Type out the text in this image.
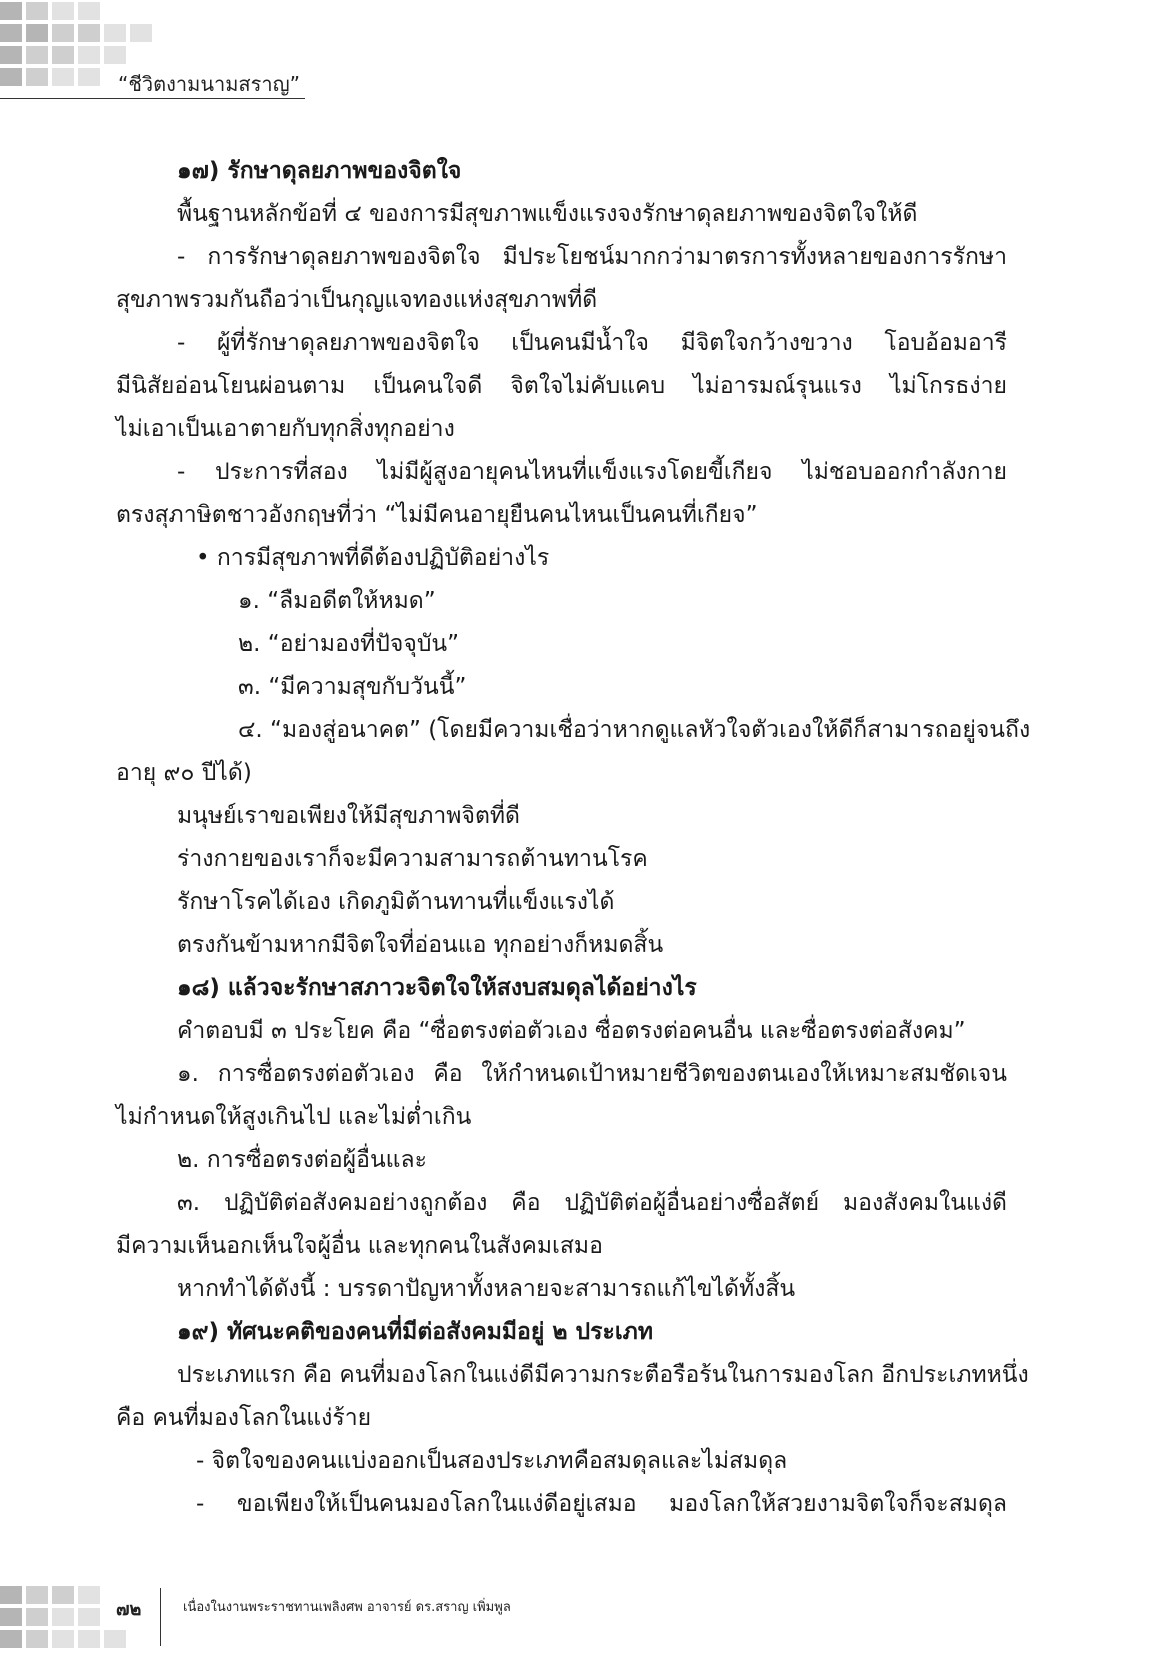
“ชีวิตงามนามสราญ”

๑๗) รักษาดุลยภาพของจิตใจ

พื้นฐานหลักข้อที่ ๔ ของการมีสุขภาพแข็งแรงจงรักษาดุลยภาพของจิตใจให้ดี

- การรักษาดุลยภาพของจิตใจ มีประโยชน์มากกว่ามาตรการทั้งหลายของการรักษา

สุขภาพรวมกันถือว่าเป็นกุญแจทองแห่งสุขภาพที่ดี

- ผู้ที่รักษาดุลยภาพของจิตใจ เป็นคนมีน้ำใจ มีจิตใจกว้างขวาง โอบอ้อมอารี

มีนิสัยอ่อนโยนผ่อนตาม เป็นคนใจดี จิตใจไม่คับแคบ ไม่อารมณ์รุนแรง ไม่โกรธง่าย

ไม่เอาเป็นเอาตายกับทุกสิ่งทุกอย่าง

- ประการที่สอง ไม่มีผู้สูงอายุคนไหนที่แข็งแรงโดยขี้เกียจ ไม่ชอบออกกำลังกาย

ตรงสุภาษิตชาวอังกฤษที่ว่า “ไม่มีคนอายุยืนคนไหนเป็นคนที่เกียจ”

• การมีสุขภาพที่ดีต้องปฏิบัติอย่างไร

๑. “ลืมอดีตให้หมด”

๒. “อย่ามองที่ปัจจุบัน”

๓. “มีความสุขกับวันนี้”

๔. “มองสู่อนาคต” (โดยมีความเชื่อว่าหากดูแลหัวใจตัวเองให้ดีก็สามารถอยู่จนถึง

อายุ ๙๐ ปีได้)

มนุษย์เราขอเพียงให้มีสุขภาพจิตที่ดี

ร่างกายของเราก็จะมีความสามารถต้านทานโรค

รักษาโรคได้เอง เกิดภูมิต้านทานที่แข็งแรงได้

ตรงกันข้ามหากมีจิตใจที่อ่อนแอ ทุกอย่างก็หมดสิ้น

๑๘) แล้วจะรักษาสภาวะจิตใจให้สงบสมดุลได้อย่างไร

คำตอบมี ๓ ประโยค คือ “ซื่อตรงต่อตัวเอง ซื่อตรงต่อคนอื่น และซื่อตรงต่อสังคม”

๑. การซื่อตรงต่อตัวเอง คือ ให้กำหนดเป้าหมายชีวิตของตนเองให้เหมาะสมชัดเจน

ไม่กำหนดให้สูงเกินไป และไม่ต่ำเกิน

๒. การซื่อตรงต่อผู้อื่นและ

๓. ปฏิบัติต่อสังคมอย่างถูกต้อง คือ ปฏิบัติต่อผู้อื่นอย่างซื่อสัตย์ มองสังคมในแง่ดี

มีความเห็นอกเห็นใจผู้อื่น และทุกคนในสังคมเสมอ

หากทำได้ดังนี้ : บรรดาปัญหาทั้งหลายจะสามารถแก้ไขได้ทั้งสิ้น

๑๙) ทัศนะคติของคนที่มีต่อสังคมมีอยู่ ๒ ประเภท

ประเภทแรก คือ คนที่มองโลกในแง่ดีมีความกระตือรือร้นในการมองโลก อีกประเภทหนึ่ง

คือ คนที่มองโลกในแง่ร้าย

- จิตใจของคนแบ่งออกเป็นสองประเภทคือสมดุลและไม่สมดุล

- ขอเพียงให้เป็นคนมองโลกในแง่ดีอยู่เสมอ มองโลกให้สวยงามจิตใจก็จะสมดุล

๗๒	เนื่องในงานพระราชทานเพลิงศพ อาจารย์ ดร.สราญ เพิ่มพูล
